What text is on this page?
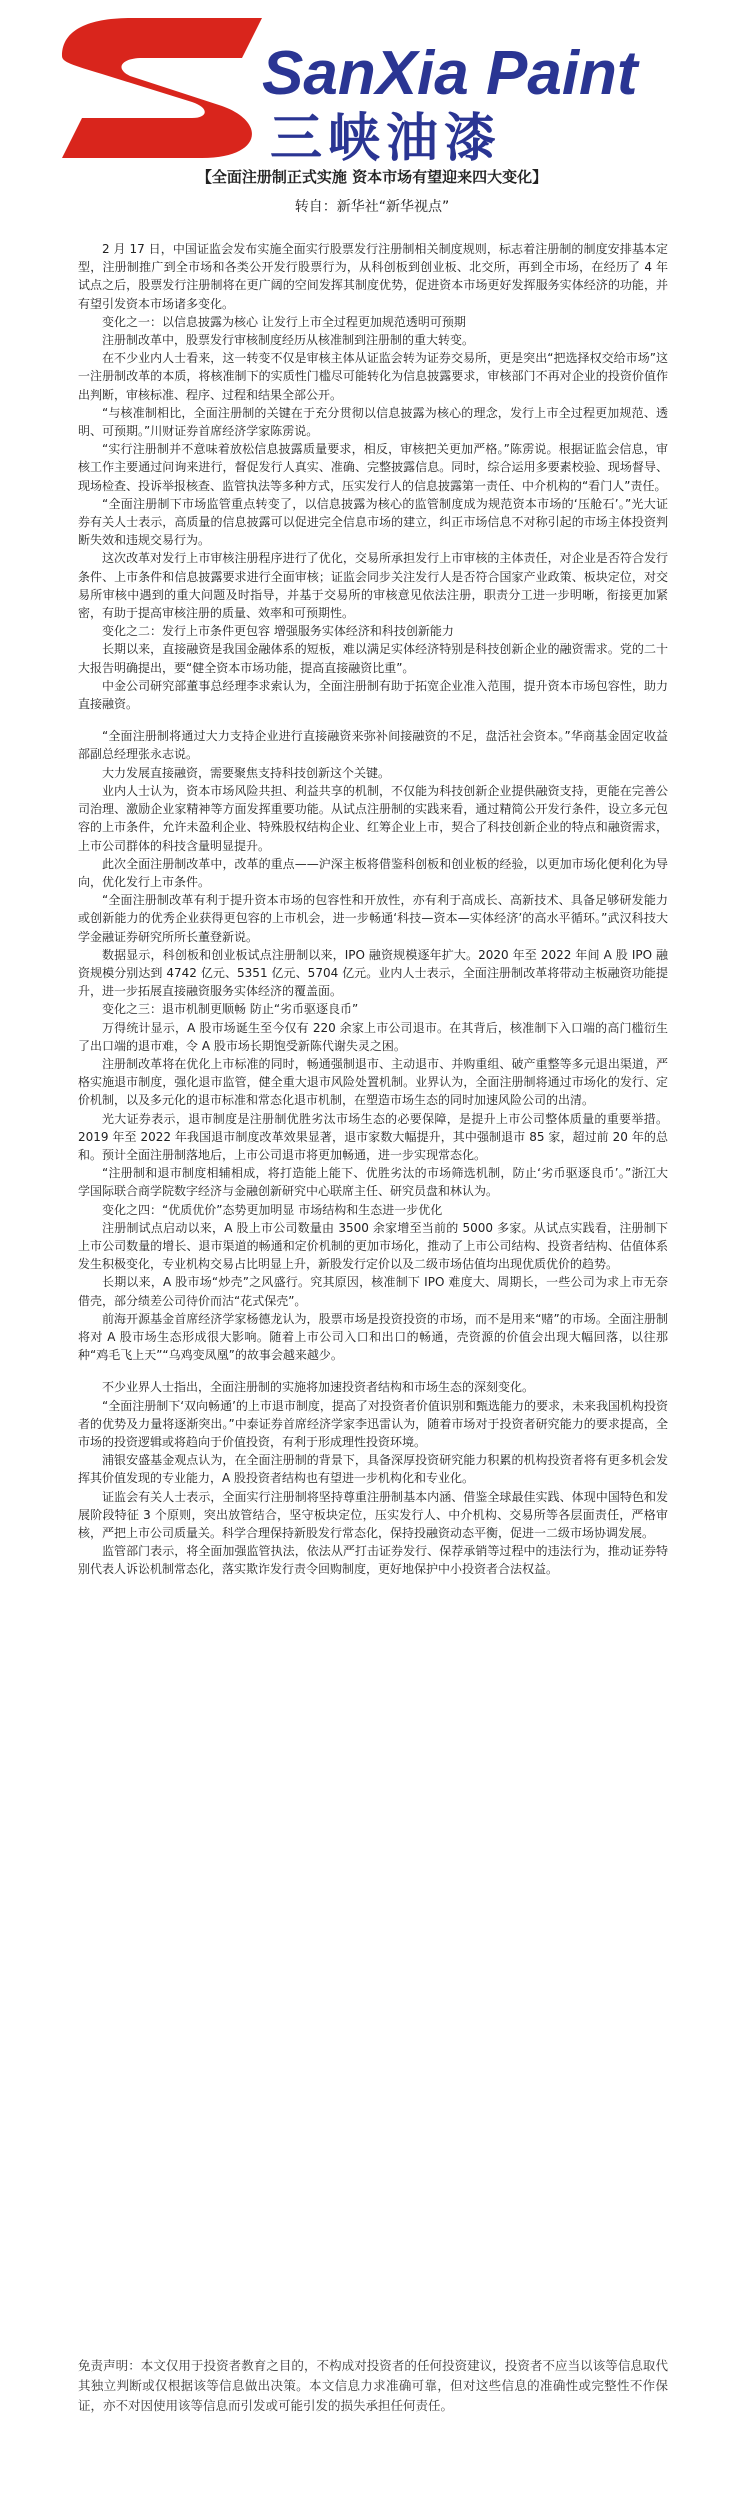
SanXia Paint
三峡油漆
【全面注册制正式实施 资本市场有望迎来四大变化】
转自：新华社“新华视点”

2 月 17 日，中国证监会发布实施全面实行股票发行注册制相关制度规则，标志着注册制的制度安排基本定型，注册制推广到全市场和各类公开发行股票行为，从科创板到创业板、北交所，再到全市场，在经历了 4 年试点之后，股票发行注册制将在更广阔的空间发挥其制度优势，促进资本市场更好发挥服务实体经济的功能，并有望引发资本市场诸多变化。

变化之一：以信息披露为核心 让发行上市全过程更加规范透明可预期

注册制改革中，股票发行审核制度经历从核准制到注册制的重大转变。

在不少业内人士看来，这一转变不仅是审核主体从证监会转为证券交易所，更是突出“把选择权交给市场”这一注册制改革的本质，将核准制下的实质性门槛尽可能转化为信息披露要求，审核部门不再对企业的投资价值作出判断，审核标准、程序、过程和结果全部公开。

“与核准制相比，全面注册制的关键在于充分贯彻以信息披露为核心的理念，发行上市全过程更加规范、透明、可预期。”川财证券首席经济学家陈雳说。

“实行注册制并不意味着放松信息披露质量要求，相反，审核把关更加严格。”陈雳说。根据证监会信息，审核工作主要通过问询来进行，督促发行人真实、准确、完整披露信息。同时，综合运用多要素校验、现场督导、现场检查、投诉举报核查、监管执法等多种方式，压实发行人的信息披露第一责任、中介机构的“看门人”责任。

“全面注册制下市场监管重点转变了，以信息披露为核心的监管制度成为规范资本市场的‘压舱石’。”光大证券有关人士表示，高质量的信息披露可以促进完全信息市场的建立，纠正市场信息不对称引起的市场主体投资判断失效和违规交易行为。

这次改革对发行上市审核注册程序进行了优化，交易所承担发行上市审核的主体责任，对企业是否符合发行条件、上市条件和信息披露要求进行全面审核；证监会同步关注发行人是否符合国家产业政策、板块定位，对交易所审核中遇到的重大问题及时指导，并基于交易所的审核意见依法注册，职责分工进一步明晰，衔接更加紧密，有助于提高审核注册的质量、效率和可预期性。

变化之二：发行上市条件更包容 增强服务实体经济和科技创新能力

长期以来，直接融资是我国金融体系的短板，难以满足实体经济特别是科技创新企业的融资需求。党的二十大报告明确提出，要“健全资本市场功能，提高直接融资比重”。

中金公司研究部董事总经理李求索认为，全面注册制有助于拓宽企业准入范围，提升资本市场包容性，助力直接融资。

“全面注册制将通过大力支持企业进行直接融资来弥补间接融资的不足，盘活社会资本。”华商基金固定收益部副总经理张永志说。

大力发展直接融资，需要聚焦支持科技创新这个关键。

业内人士认为，资本市场风险共担、利益共享的机制，不仅能为科技创新企业提供融资支持，更能在完善公司治理、激励企业家精神等方面发挥重要功能。从试点注册制的实践来看，通过精简公开发行条件，设立多元包容的上市条件，允许未盈利企业、特殊股权结构企业、红筹企业上市，契合了科技创新企业的特点和融资需求，上市公司群体的科技含量明显提升。

此次全面注册制改革中，改革的重点——沪深主板将借鉴科创板和创业板的经验，以更加市场化便利化为导向，优化发行上市条件。

“全面注册制改革有利于提升资本市场的包容性和开放性，亦有利于高成长、高新技术、具备足够研发能力或创新能力的优秀企业获得更包容的上市机会，进一步畅通‘科技—资本—实体经济’的高水平循环。”武汉科技大学金融证券研究所所长董登新说。

数据显示，科创板和创业板试点注册制以来，IPO 融资规模逐年扩大。2020 年至 2022 年间 A 股 IPO 融资规模分别达到 4742 亿元、5351 亿元、5704 亿元。业内人士表示，全面注册制改革将带动主板融资功能提升，进一步拓展直接融资服务实体经济的覆盖面。

变化之三：退市机制更顺畅 防止“劣币驱逐良币”

万得统计显示，A 股市场诞生至今仅有 220 余家上市公司退市。在其背后，核准制下入口端的高门槛衍生了出口端的退市难，令 A 股市场长期饱受新陈代谢失灵之困。

注册制改革将在优化上市标准的同时，畅通强制退市、主动退市、并购重组、破产重整等多元退出渠道，严格实施退市制度，强化退市监管，健全重大退市风险处置机制。业界认为，全面注册制将通过市场化的发行、定价机制，以及多元化的退市标准和常态化退市机制，在塑造市场生态的同时加速风险公司的出清。

光大证券表示，退市制度是注册制优胜劣汰市场生态的必要保障，是提升上市公司整体质量的重要举措。2019 年至 2022 年我国退市制度改革效果显著，退市家数大幅提升，其中强制退市 85 家，超过前 20 年的总和。预计全面注册制落地后，上市公司退市将更加畅通，进一步实现常态化。

“注册制和退市制度相辅相成，将打造能上能下、优胜劣汰的市场筛选机制，防止‘劣币驱逐良币’。”浙江大学国际联合商学院数字经济与金融创新研究中心联席主任、研究员盘和林认为。

变化之四：“优质优价”态势更加明显 市场结构和生态进一步优化

注册制试点启动以来，A 股上市公司数量由 3500 余家增至当前的 5000 多家。从试点实践看，注册制下上市公司数量的增长、退市渠道的畅通和定价机制的更加市场化，推动了上市公司结构、投资者结构、估值体系发生积极变化，专业机构交易占比明显上升，新股发行定价以及二级市场估值均出现优质优价的趋势。

长期以来，A 股市场“炒壳”之风盛行。究其原因，核准制下 IPO 难度大、周期长，一些公司为求上市无奈借壳，部分绩差公司待价而沽“花式保壳”。

前海开源基金首席经济学家杨德龙认为，股票市场是投资投资的市场，而不是用来“赌”的市场。全面注册制将对 A 股市场生态形成很大影响。随着上市公司入口和出口的畅通，壳资源的价值会出现大幅回落，以往那种“鸡毛飞上天”“乌鸡变凤凰”的故事会越来越少。

不少业界人士指出，全面注册制的实施将加速投资者结构和市场生态的深刻变化。

“全面注册制下‘双向畅通’的上市退市制度，提高了对投资者价值识别和甄选能力的要求，未来我国机构投资者的优势及力量将逐渐突出。”中泰证券首席经济学家李迅雷认为，随着市场对于投资者研究能力的要求提高，全市场的投资逻辑或将趋向于价值投资，有利于形成理性投资环境。

浦银安盛基金观点认为，在全面注册制的背景下，具备深厚投资研究能力积累的机构投资者将有更多机会发挥其价值发现的专业能力，A 股投资者结构也有望进一步机构化和专业化。

证监会有关人士表示，全面实行注册制将坚持尊重注册制基本内涵、借鉴全球最佳实践、体现中国特色和发展阶段特征 3 个原则，突出放管结合，坚守板块定位，压实发行人、中介机构、交易所等各层面责任，严格审核，严把上市公司质量关。科学合理保持新股发行常态化，保持投融资动态平衡，促进一二级市场协调发展。

监管部门表示，将全面加强监管执法，依法从严打击证券发行、保荐承销等过程中的违法行为，推动证券特别代表人诉讼机制常态化，落实欺诈发行责令回购制度，更好地保护中小投资者合法权益。

免责声明：本文仅用于投资者教育之目的，不构成对投资者的任何投资建议，投资者不应当以该等信息取代其独立判断或仅根据该等信息做出决策。本文信息力求准确可靠，但对这些信息的准确性或完整性不作保证，亦不对因使用该等信息而引发或可能引发的损失承担任何责任。
